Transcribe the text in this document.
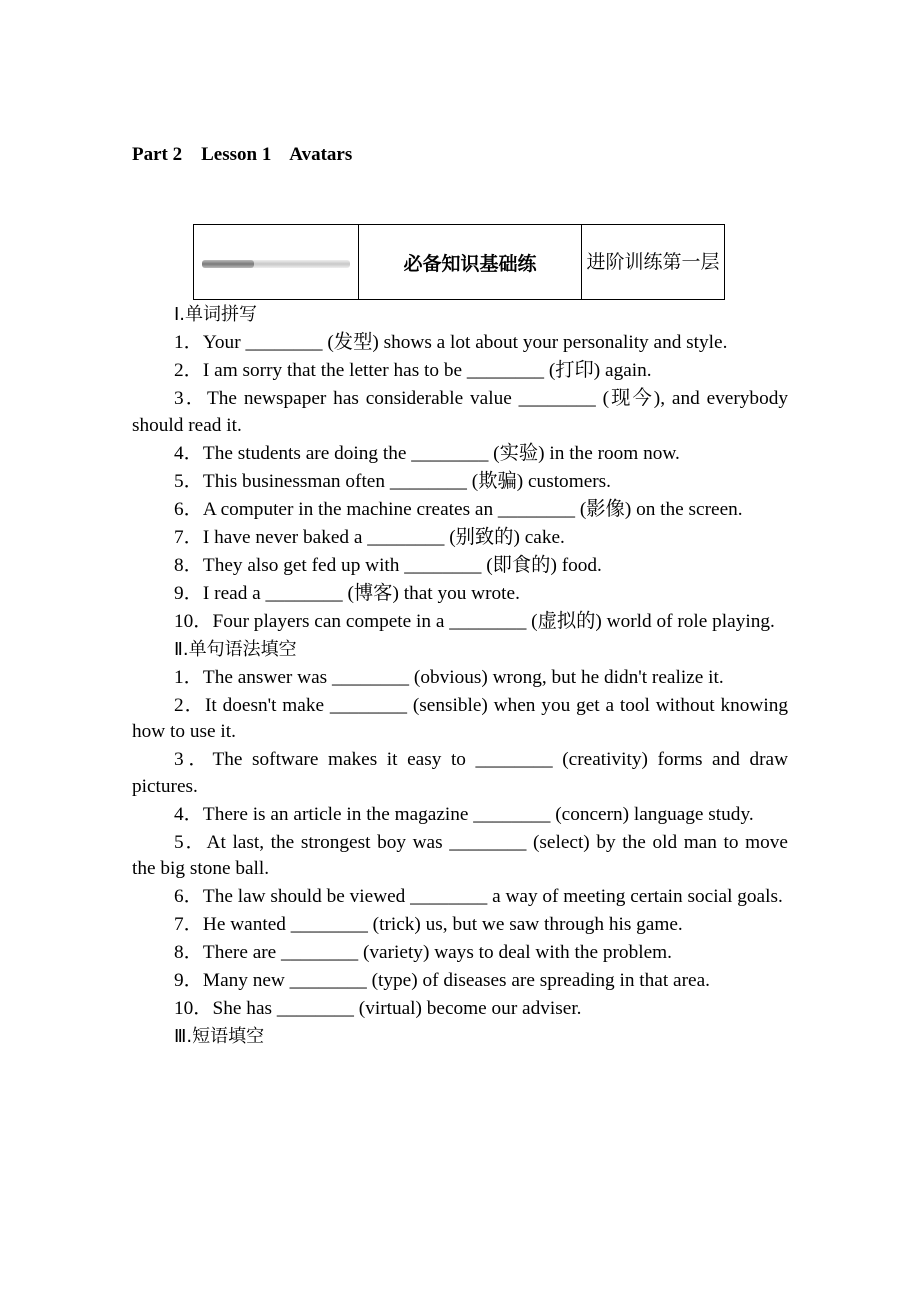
Part 2    Lesson 1    Avatars
	必备知识基础练	进阶训练第一层
Ⅰ.单词拼写

1．Your ________ (发型) shows a lot about your personality and style.

2．I am sorry that the letter has to be ________ (打印) again.

3．The newspaper has considerable value ________ (现今), and everybody should read it.

4．The students are doing the ________ (实验) in the room now.

5．This businessman often ________ (欺骗) customers.

6．A computer in the machine creates an ________ (影像) on the screen.

7．I have never baked a ________ (别致的) cake.

8．They also get fed up with ________ (即食的) food.

9．I read a ________ (博客) that you wrote.

10．Four players can compete in a ________ (虚拟的) world of role playing.

Ⅱ.单句语法填空

1．The answer was ________ (obvious) wrong, but he didn't realize it.

2．It doesn't make ________ (sensible) when you get a tool without knowing how to use it.

3．The software makes it easy to ________ (creativity) forms and draw pictures.

4．There is an article in the magazine ________ (concern) language study.

5．At last, the strongest boy was ________ (select) by the old man to move the big stone ball.

6．The law should be viewed ________ a way of meeting certain social goals.

7．He wanted ________ (trick) us, but we saw through his game.

8．There are ________ (variety) ways to deal with the problem.

9．Many new ________ (type) of diseases are spreading in that area.

10．She has ________ (virtual) become our adviser.

Ⅲ.短语填空
